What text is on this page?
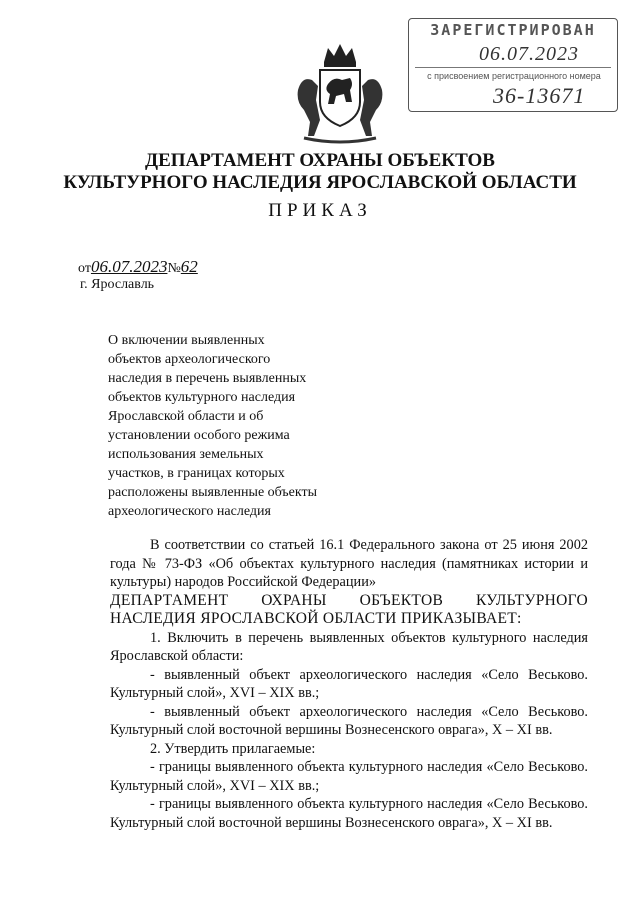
ЗАРЕГИСТРИРОВАН
06.07.2023
с присвоением регистрационного номера
36-13671
ДЕПАРТАМЕНТ ОХРАНЫ ОБЪЕКТОВ
КУЛЬТУРНОГО НАСЛЕДИЯ ЯРОСЛАВСКОЙ ОБЛАСТИ
ПРИКАЗ
от06.07.2023№62
г. Ярославль
О включении выявленных
объектов археологического
наследия в перечень выявленных
объектов культурного наследия
Ярославской области и об
установлении особого режима
использования земельных
участков, в границах которых
расположены выявленные объекты
археологического наследия

В соответствии со статьей 16.1 Федерального закона от 25 июня 2002 года № 73-ФЗ «Об объектах культурного наследия (памятниках истории и культуры) народов Российской Федерации»

ДЕПАРТАМЕНТ ОХРАНЫ ОБЪЕКТОВ КУЛЬТУРНОГО НАСЛЕДИЯ ЯРОСЛАВСКОЙ ОБЛАСТИ ПРИКАЗЫВАЕТ:

1. Включить в перечень выявленных объектов культурного наследия Ярославской области:

- выявленный объект археологического наследия «Село Веськово. Культурный слой», XVI – XIX вв.;

- выявленный объект археологического наследия «Село Веськово. Культурный слой восточной вершины Вознесенского оврага», X – XI вв.

2. Утвердить прилагаемые:

- границы выявленного объекта культурного наследия «Село Веськово. Культурный слой», XVI – XIX вв.;

- границы выявленного объекта культурного наследия «Село Веськово. Культурный слой восточной вершины Вознесенского оврага», X – XI вв.
